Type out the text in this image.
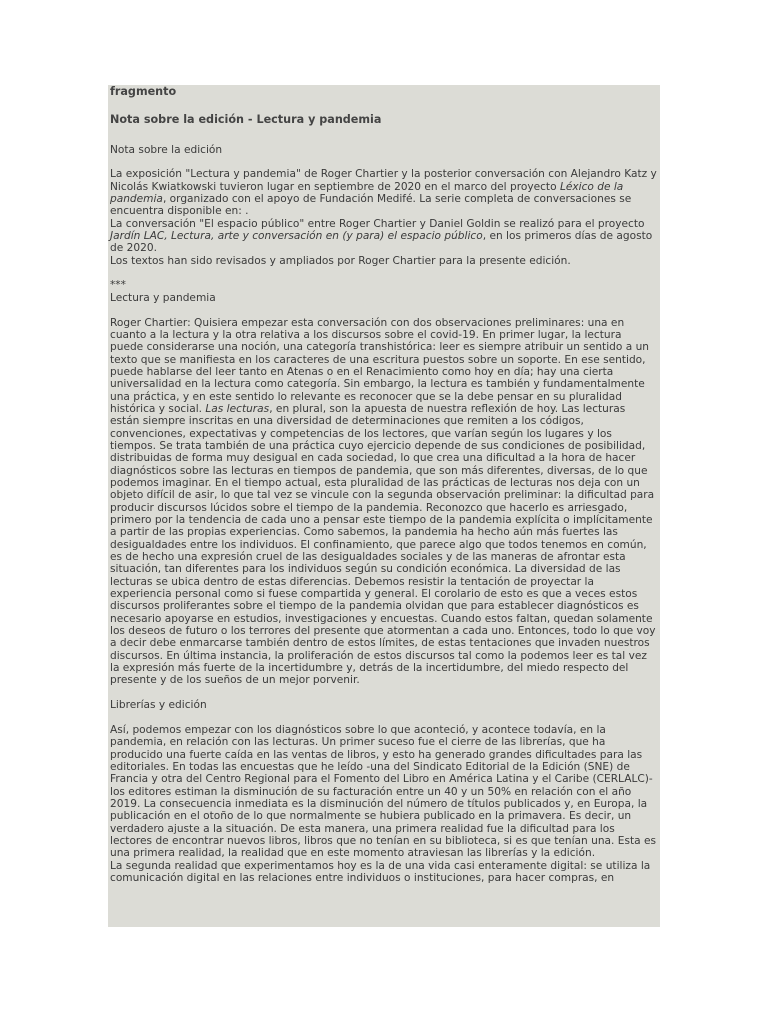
fragmento

Nota sobre la edición - Lectura y pandemia

Nota sobre la edición

La exposición "Lectura y pandemia" de Roger Chartier y la posterior conversación con Alejandro Katz y Nicolás Kwiatkowski tuvieron lugar en septiembre de 2020 en el marco del proyecto Léxico de la pandemia, organizado con el apoyo de Fundación Medifé. La serie completa de conversaciones se encuentra disponible en: .

La conversación "El espacio público" entre Roger Chartier y Daniel Goldin se realizó para el proyecto Jardín LAC, Lectura, arte y conversación en (y para) el espacio público, en los primeros días de agosto de 2020.

Los textos han sido revisados y ampliados por Roger Chartier para la presente edición.

***

Lectura y pandemia

Roger Chartier: Quisiera empezar esta conversación con dos observaciones preliminares: una en cuanto a la lectura y la otra relativa a los discursos sobre el covid-19. En primer lugar, la lectura puede considerarse una noción, una categoría transhistórica: leer es siempre atribuir un sentido a un texto que se manifiesta en los caracteres de una escritura puestos sobre un soporte. En ese sentido, puede hablarse del leer tanto en Atenas o en el Renacimiento como hoy en día; hay una cierta universalidad en la lectura como categoría. Sin embargo, la lectura es también y fundamentalmente una práctica, y en este sentido lo relevante es reconocer que se la debe pensar en su pluralidad histórica y social. Las lecturas, en plural, son la apuesta de nuestra reflexión de hoy. Las lecturas están siempre inscritas en una diversidad de determinaciones que remiten a los códigos, convenciones, expectativas y competencias de los lectores, que varían según los lugares y los tiempos. Se trata también de una práctica cuyo ejercicio depende de sus condiciones de posibilidad, distribuidas de forma muy desigual en cada sociedad, lo que crea una dificultad a la hora de hacer diagnósticos sobre las lecturas en tiempos de pandemia, que son más diferentes, diversas, de lo que podemos imaginar. En el tiempo actual, esta pluralidad de las prácticas de lecturas nos deja con un objeto difícil de asir, lo que tal vez se vincule con la segunda observación preliminar: la dificultad para producir discursos lúcidos sobre el tiempo de la pandemia. Reconozco que hacerlo es arriesgado, primero por la tendencia de cada uno a pensar este tiempo de la pandemia explícita o implícitamente a partir de las propias experiencias. Como sabemos, la pandemia ha hecho aún más fuertes las desigualdades entre los individuos. El confinamiento, que parece algo que todos tenemos en común, es de hecho una expresión cruel de las desigualdades sociales y de las maneras de afrontar esta situación, tan diferentes para los individuos según su condición económica. La diversidad de las lecturas se ubica dentro de estas diferencias. Debemos resistir la tentación de proyectar la experiencia personal como si fuese compartida y general. El corolario de esto es que a veces estos discursos proliferantes sobre el tiempo de la pandemia olvidan que para establecer diagnósticos es necesario apoyarse en estudios, investigaciones y encuestas. Cuando estos faltan, quedan solamente los deseos de futuro o los terrores del presente que atormentan a cada uno. Entonces, todo lo que voy a decir debe enmarcarse también dentro de estos límites, de estas tentaciones que invaden nuestros discursos. En última instancia, la proliferación de estos discursos tal como la podemos leer es tal vez la expresión más fuerte de la incertidumbre y, detrás de la incertidumbre, del miedo respecto del presente y de los sueños de un mejor porvenir.

Librerías y edición

Así, podemos empezar con los diagnósticos sobre lo que aconteció, y acontece todavía, en la pandemia, en relación con las lecturas. Un primer suceso fue el cierre de las librerías, que ha producido una fuerte caída en las ventas de libros, y esto ha generado grandes dificultades para las editoriales. En todas las encuestas que he leído -una del Sindicato Editorial de la Edición (SNE) de Francia y otra del Centro Regional para el Fomento del Libro en América Latina y el Caribe (CERLALC)- los editores estiman la disminución de su facturación entre un 40 y un 50% en relación con el año 2019. La consecuencia inmediata es la disminución del número de títulos publicados y, en Europa, la publicación en el otoño de lo que normalmente se hubiera publicado en la primavera. Es decir, un verdadero ajuste a la situación. De esta manera, una primera realidad fue la dificultad para los lectores de encontrar nuevos libros, libros que no tenían en su biblioteca, si es que tenían una. Esta es una primera realidad, la realidad que en este momento atraviesan las librerías y la edición.

La segunda realidad que experimentamos hoy es la de una vida casi enteramente digital: se utiliza la comunicación digital en las relaciones entre individuos o instituciones, para hacer compras, en
